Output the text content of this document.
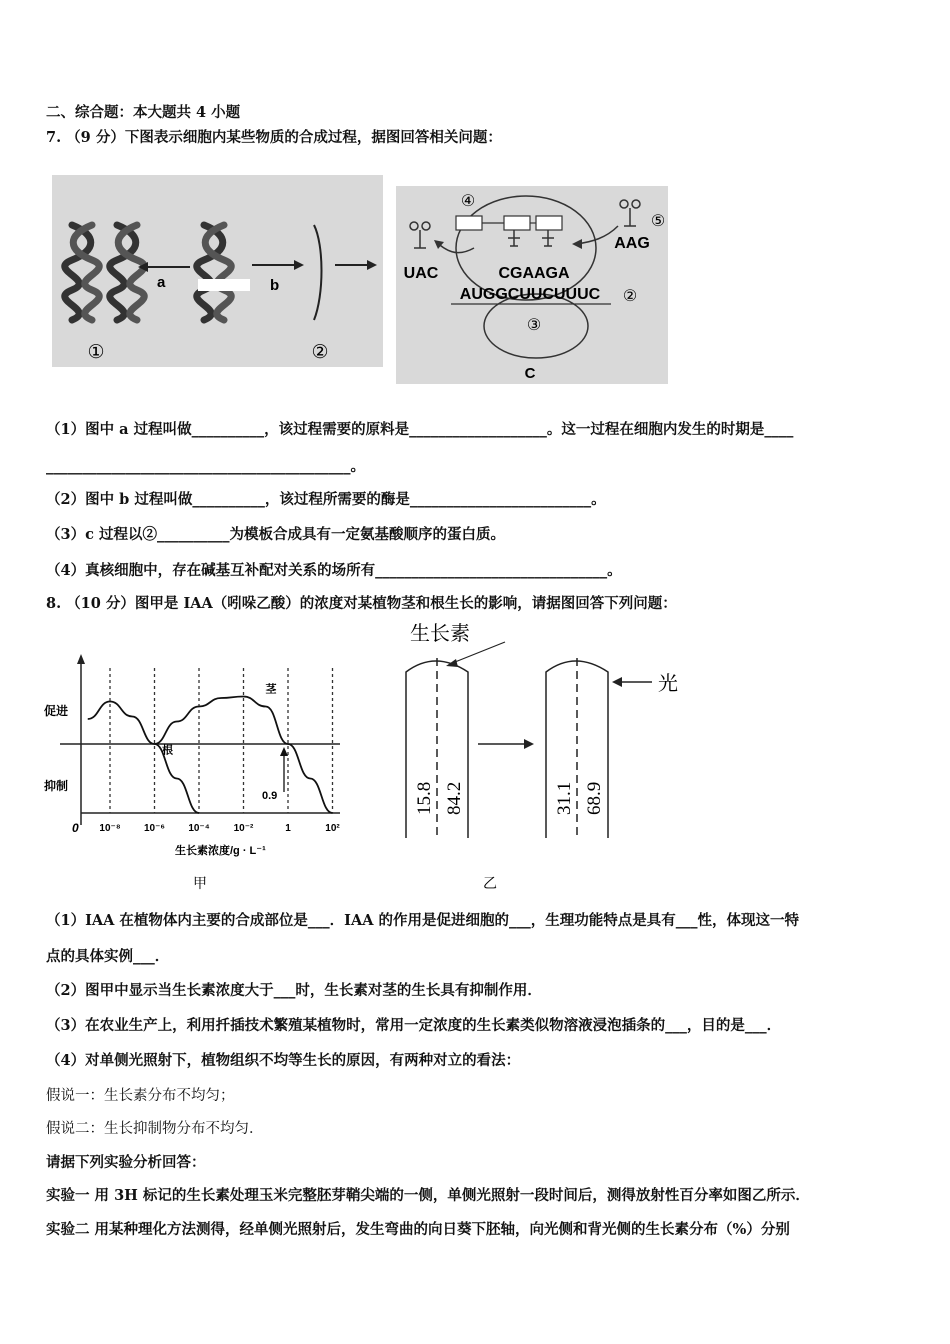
二、综合题：本大题共 4 小题
7. （9 分）下图表示细胞内某些物质的合成过程，据图回答相关问题：
a	b
①	②
④
UAC
⑤
AAG
CGAAGA
AUGGCUUCUUUC ②
③
C
（1）图中 a 过程叫做__________，该过程需要的原料是___________________。这一过程在细胞内发生的时期是____
__________________________________________。
（2）图中 b 过程叫做__________，该过程所需要的酶是_________________________。
（3）c 过程以②__________为模板合成具有一定氨基酸顺序的蛋白质。
（4）真核细胞中，存在碱基互补配对关系的场所有________________________________。
8. （10 分）图甲是 IAA（吲哚乙酸）的浓度对某植物茎和根生长的影响，请据图回答下列问题：
促进
抑制
0
生长素浓度/g · L⁻¹
甲
10⁻⁸ 10⁻⁶ 10⁻⁴ 10⁻²	1	10²
根
茎
0.9
生长素
15.8 84.2
光
31.1 68.9
乙
（1）IAA 在植物体内主要的合成部位是___．IAA 的作用是促进细胞的___，生理功能特点是具有___性，体现这一特
点的具体实例___．
（2）图甲中显示当生长素浓度大于___时，生长素对茎的生长具有抑制作用．
（3）在农业生产上，利用扦插技术繁殖某植物时，常用一定浓度的生长素类似物溶液浸泡插条的___，目的是___．
（4）对单侧光照射下，植物组织不均等生长的原因，有两种对立的看法：
假说一：生长素分布不均匀；
假说二：生长抑制物分布不均匀．
请据下列实验分析回答：
实验一 用 3H 标记的生长素处理玉米完整胚芽鞘尖端的一侧，单侧光照射一段时间后，测得放射性百分率如图乙所示．
实验二 用某种理化方法测得，经单侧光照射后，发生弯曲的向日葵下胚轴，向光侧和背光侧的生长素分布（%）分别
